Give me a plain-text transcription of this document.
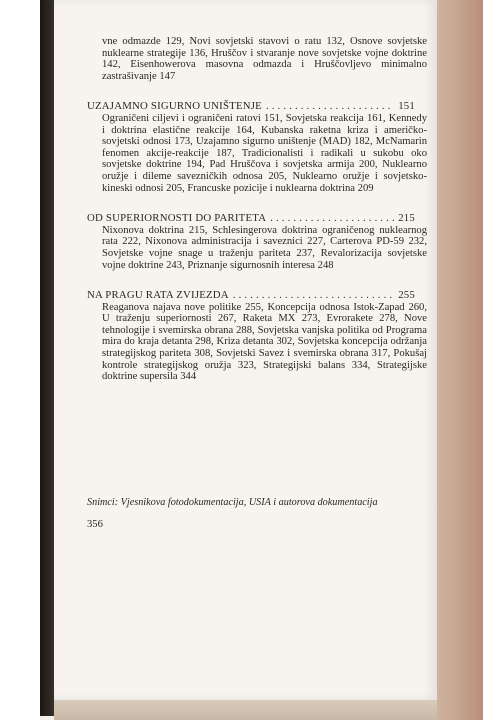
vne odmazde 129, Novi sovjetski stavovi o ratu 132, Osnove sovjetske nuklearne strategije 136, Hruščov i stvaranje nove sovjetske vojne doktrine 142, Eisenhowerova masovna odmazda i Hruščovljevo minimalno zastrašivanje 147
UZAJAMNO SIGURNO UNIŠTENJE . . .	151
Ograničeni ciljevi i ograničeni ratovi 151, Sovjetska reakcija 161, Kennedy i doktrina elastične reakcije 164, Kubanska raketna kriza i američko-sovjetski odnosi 173, Uzajamno sigurno uništenje (MAD) 182, McNamarin fenomen akcije-reakcije 187, Tradicionalisti i radikali u sukobu oko sovjetske doktrine 194, Pad Hruščova i sovjetska armija 200, Nuklearno oružje i dileme savezničkih odnosa 205, Nuklearno oružje i sovjetsko-kineski odnosi 205, Francuske pozicije i nuklearna doktrina 209
OD SUPERIORNOSTI DO PARITETA . . .	215
Nixonova doktrina 215, Schlesingerova doktrina ograničenog nuklearnog rata 222, Nixonova administracija i saveznici 227, Carterova PD-59 232, Sovjetske vojne snage u traženju pariteta 237, Revalorizacija sovjetske vojne doktrine 243, Priznanje sigurnosnih interesa 248
NA PRAGU RATA ZVIJEZDA . . .	255
Reaganova najava nove politike 255, Koncepcija odnosa Istok-Zapad 260, U traženju superiornosti 267, Raketa MX 273, Evrorakete 278, Nove tehnologije i svemirska obrana 288, Sovjetska vanjska politika od Programa mira do kraja detanta 298, Kriza detanta 302, Sovjetska koncepcija održanja strategijskog pariteta 308, Sovjetski Savez i svemirska obrana 317, Pokušaj kontrole strategijskog oružja 323, Strategijski balans 334, Strategijske doktrine supersila 344
Snimci: Vjesnikova fotodokumentacija, USIA i autorova dokumentacija
356
